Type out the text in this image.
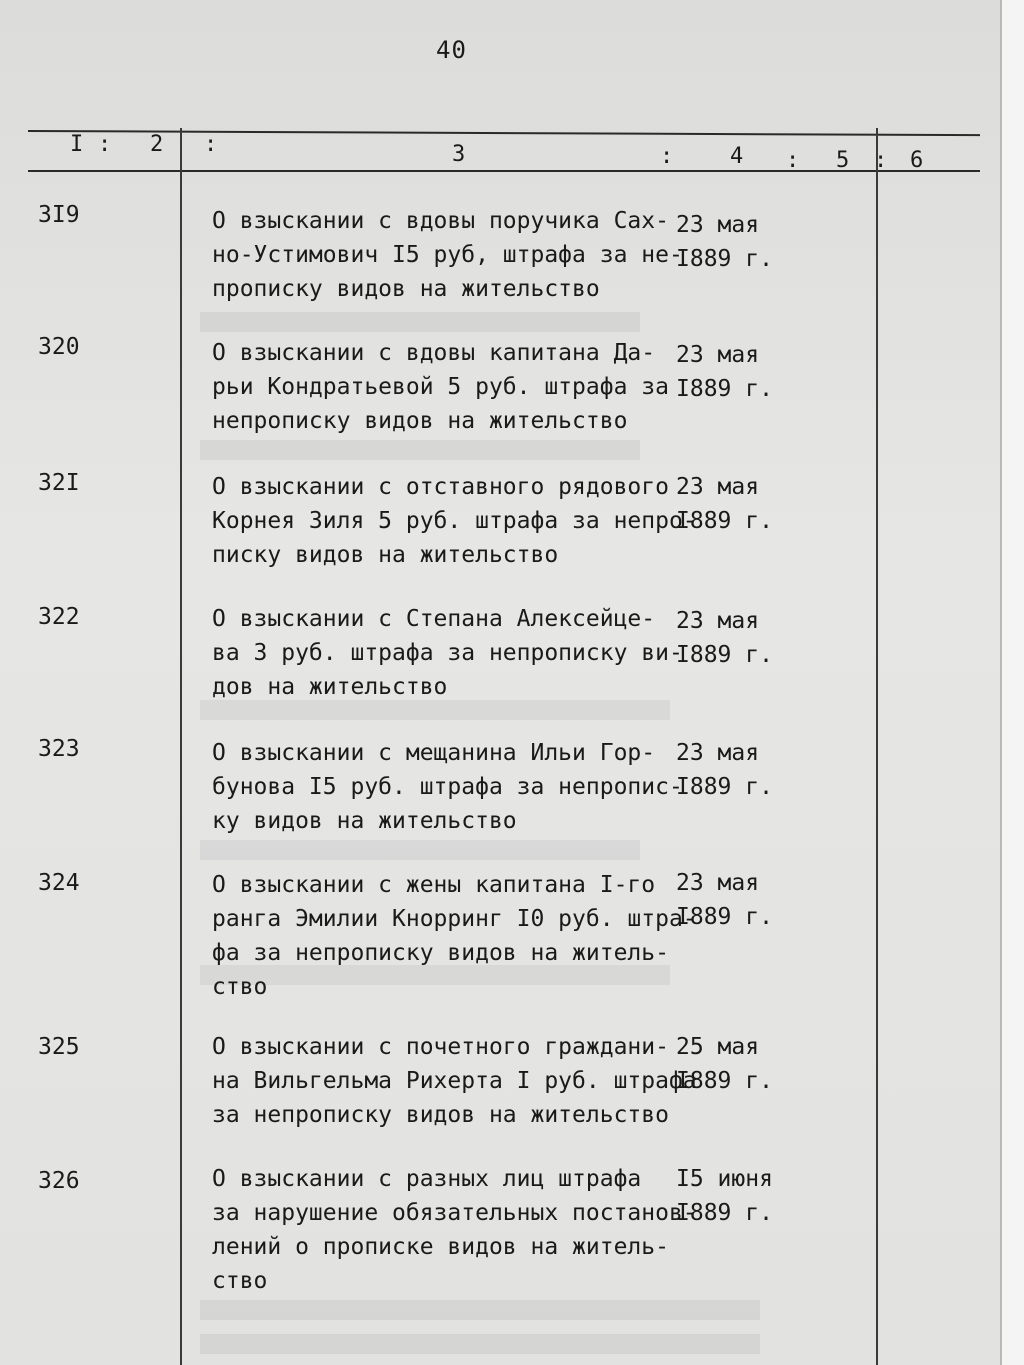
40
I : 2 :	3	:	4 : 5 : 6
3I9	О взыскании с вдовы поручика Сах-
но-Устимович I5 руб, штрафа за не-
прописку видов на жительство
23 мая
I889 г.
320	О взыскании с вдовы капитана Да-
рьи Кондратьевой 5 руб. штрафа за
непрописку видов на жительство
23 мая
I889 г.
32I	О взыскании с отставного рядового
Корнея Зиля 5 руб. штрафа за непро-
писку видов на жительство
23 мая
I889 г.
322	О взыскании с Степана Алексейце-
ва 3 руб. штрафа за непрописку ви-
дов на жительство
23 мая
I889 г.
323	О взыскании с мещанина Ильи Гор-
бунова I5 руб. штрафа за непропис-
ку видов на жительство
23 мая
I889 г.
324	О взыскании с жены капитана I-го
ранга Эмилии Кнорринг I0 руб. штра-
фа за непрописку видов на житель-
ство
23 мая
I889 г.
325	О взыскании с почетного граждани-
на Вильгельма Рихерта I руб. штрафа
за непрописку видов на жительство
25 мая
I889 г.
326	О взыскании с разных лиц штрафа
за нарушение обязательных постанов-
лений о прописке видов на житель-
ство
I5 июня
I889 г.
